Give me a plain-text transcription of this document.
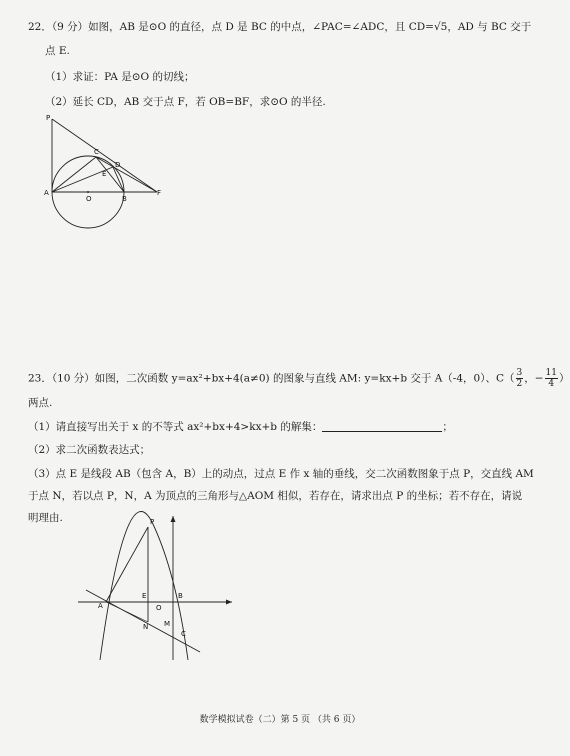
22．（9 分）如图，AB 是⊙O 的直径，点 D 是 BC 的中点，∠PAC=∠ADC，且 CD=√5，AD 与 BC 交于
点 E.
（1）求证：PA 是⊙O 的切线；
（2）延长 CD，AB 交于点 F，若 OB=BF，求⊙O 的半径.
P
C
D
E
A
O	B
F
23．（10 分）如图，二次函数 y=ax²+bx+4(a≠0) 的图象与直线 AM: y=kx+b 交于 A（-4，0）、$C( \frac{3}{2}$ ，− $\frac{11}{4}$ ）
两点.
（1）请直接写出关于 x 的不等式 ax²+bx+4>kx+b 的解集：	；
（2）求二次函数表达式；
（3）点 E 是线段 AB（包含 A，B）上的动点，过点 E 作 x 轴的垂线，交二次函数图象于点 P，交直线 AM
于点 N，若以点 P，N，A 为顶点的三角形与△AOM 相似，若存在，请求出点 P 的坐标；若不存在，请说
明理由.	P
A
E	B
O
N M
C
数学模拟试卷（二）第 5 页 （共 6 页）
